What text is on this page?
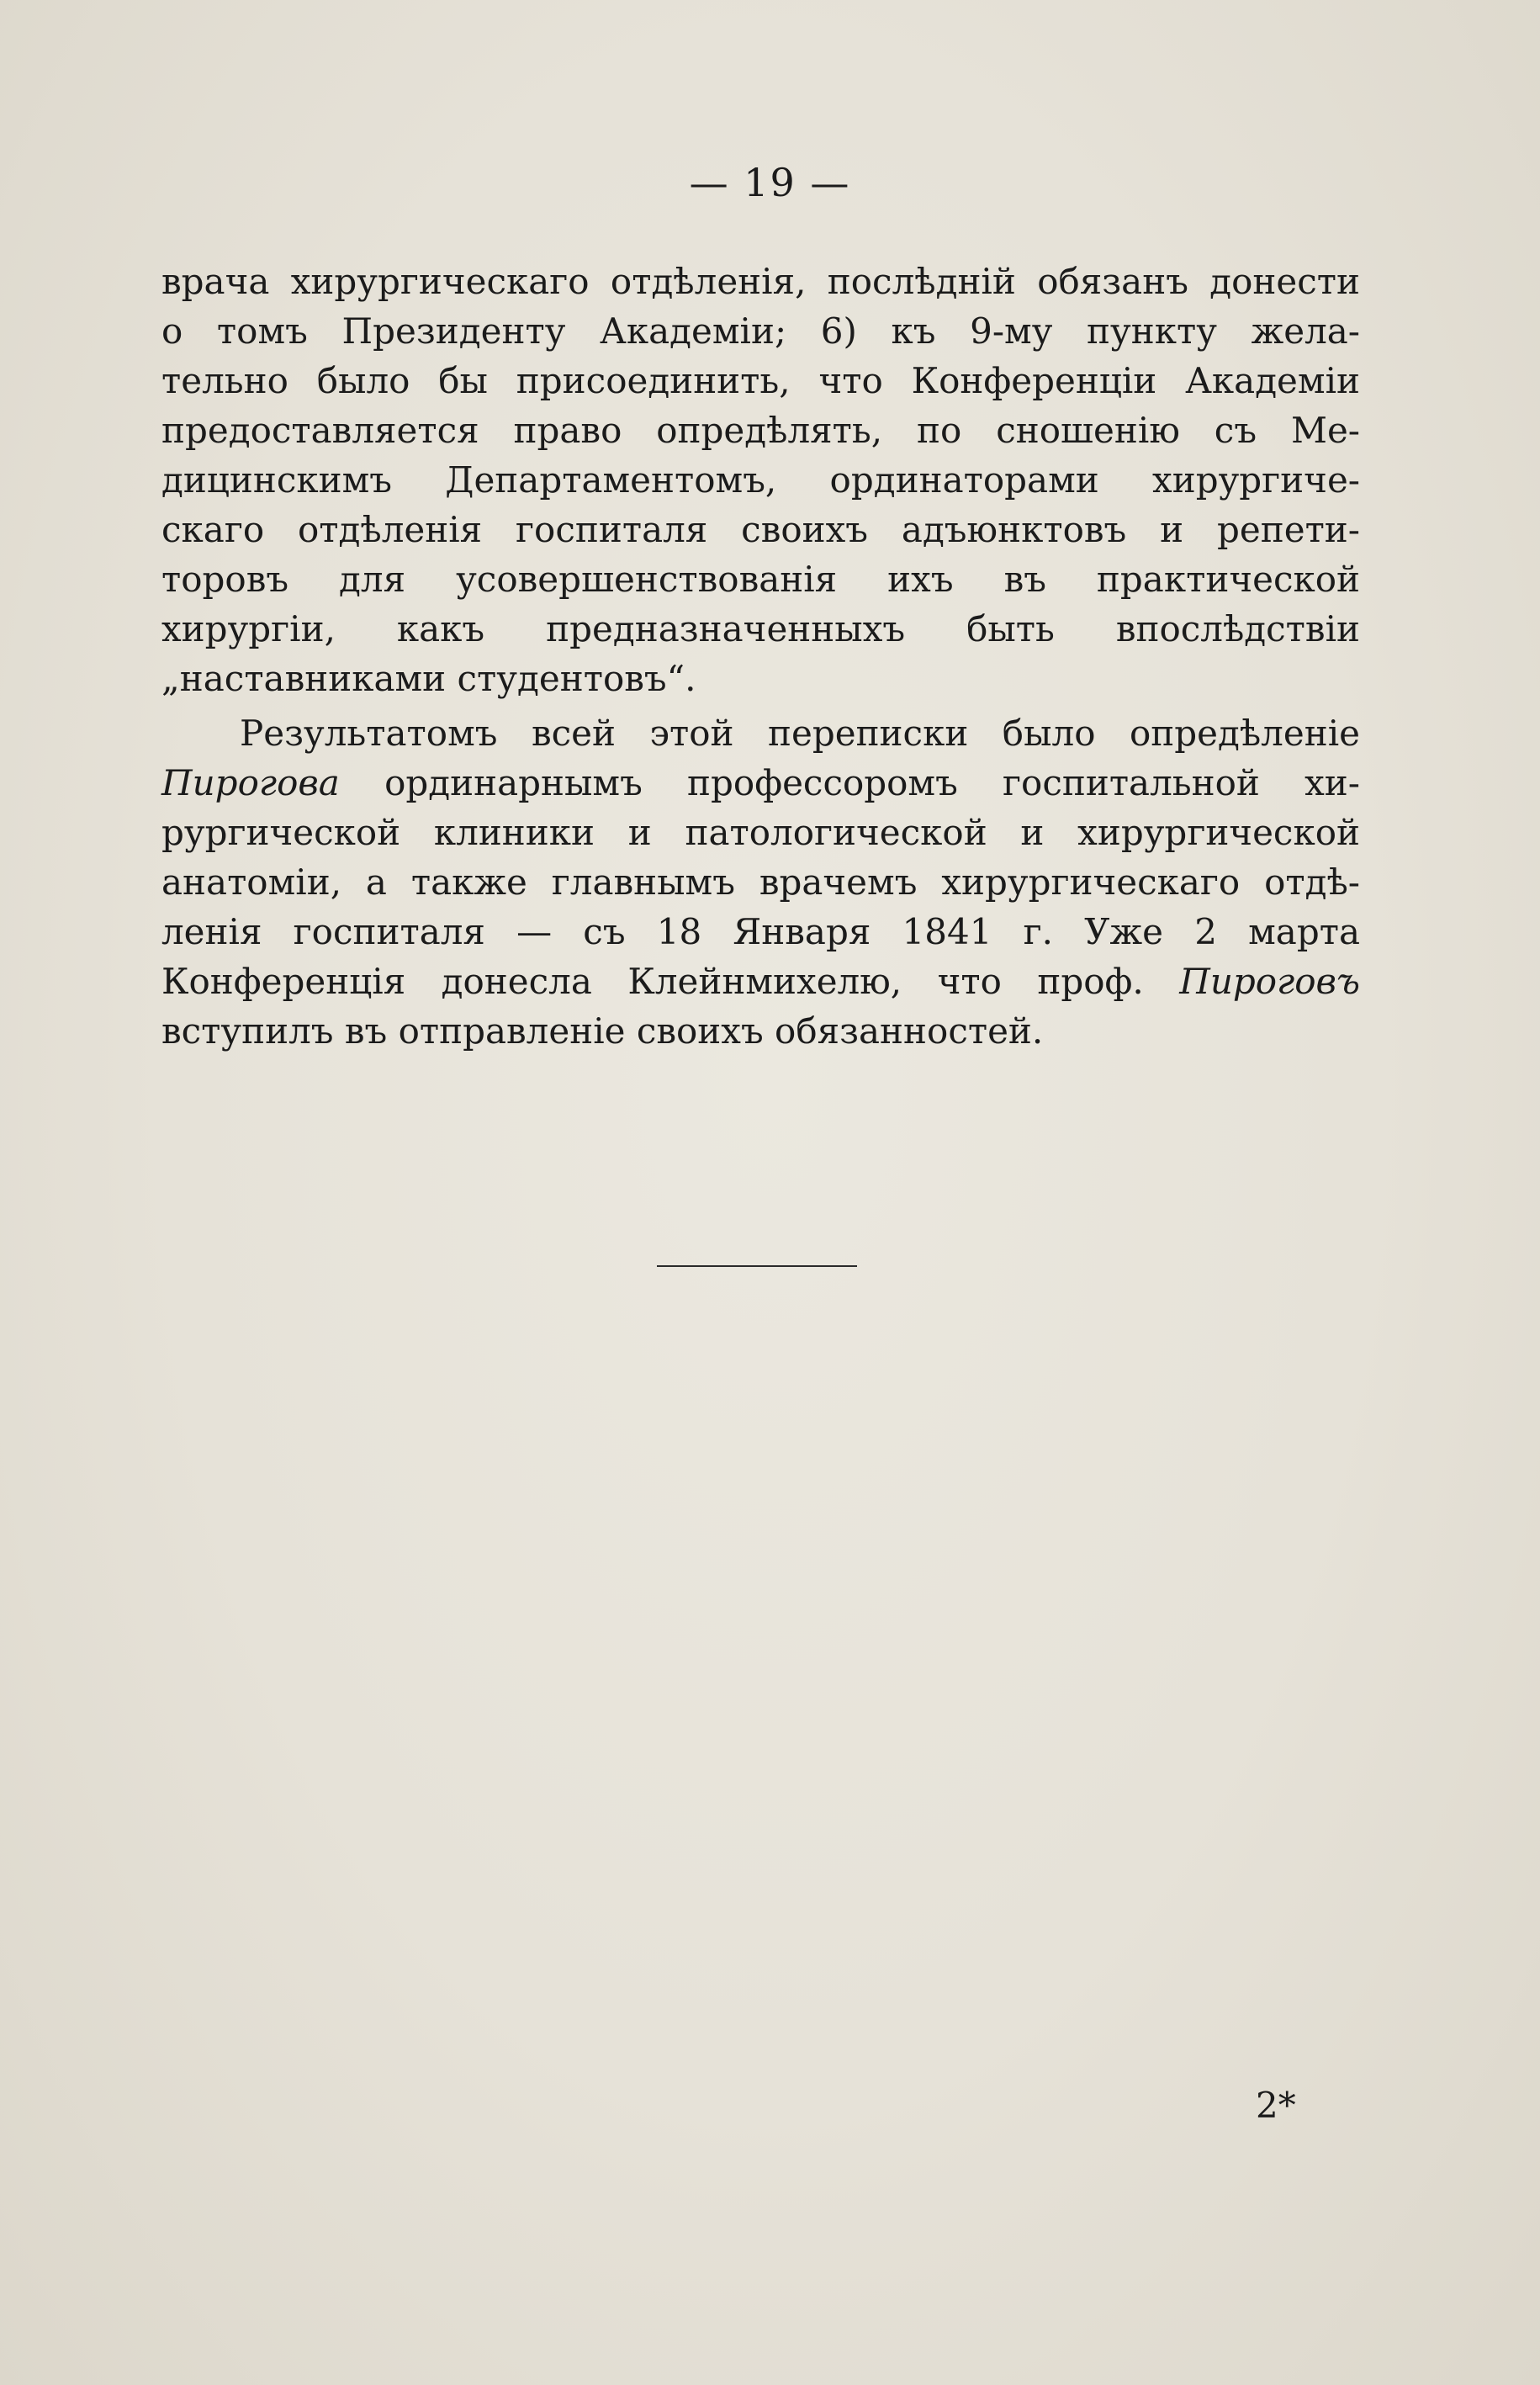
— 19 —
врача хирургическаго отдѣленія, послѣдній обязанъ донести
о томъ Президенту Академіи; 6) къ 9-му пункту жела-
тельно было бы присоединить, что Конференціи Академіи
предоставляется право опредѣлять, по сношенію съ Ме-
дицинскимъ Департаментомъ, ординаторами хирургиче-
скаго отдѣленія госпиталя своихъ адъюнктовъ и репети-
торовъ для усовершенствованія ихъ въ практической
хирургіи, какъ предназначенныхъ быть впослѣдствіи
„наставниками студентовъ“.
Результатомъ всей этой переписки было опредѣленіе
Пирогова ординарнымъ профессоромъ госпитальной хи-
рургической клиники и патологической и хирургической
анатоміи, а также главнымъ врачемъ хирургическаго отдѣ-
ленія госпиталя — съ 18 Января 1841 г. Уже 2 марта
Конференція донесла Клейнмихелю, что проф. Пироговъ
вступилъ въ отправленіе своихъ обязанностей.
2*
